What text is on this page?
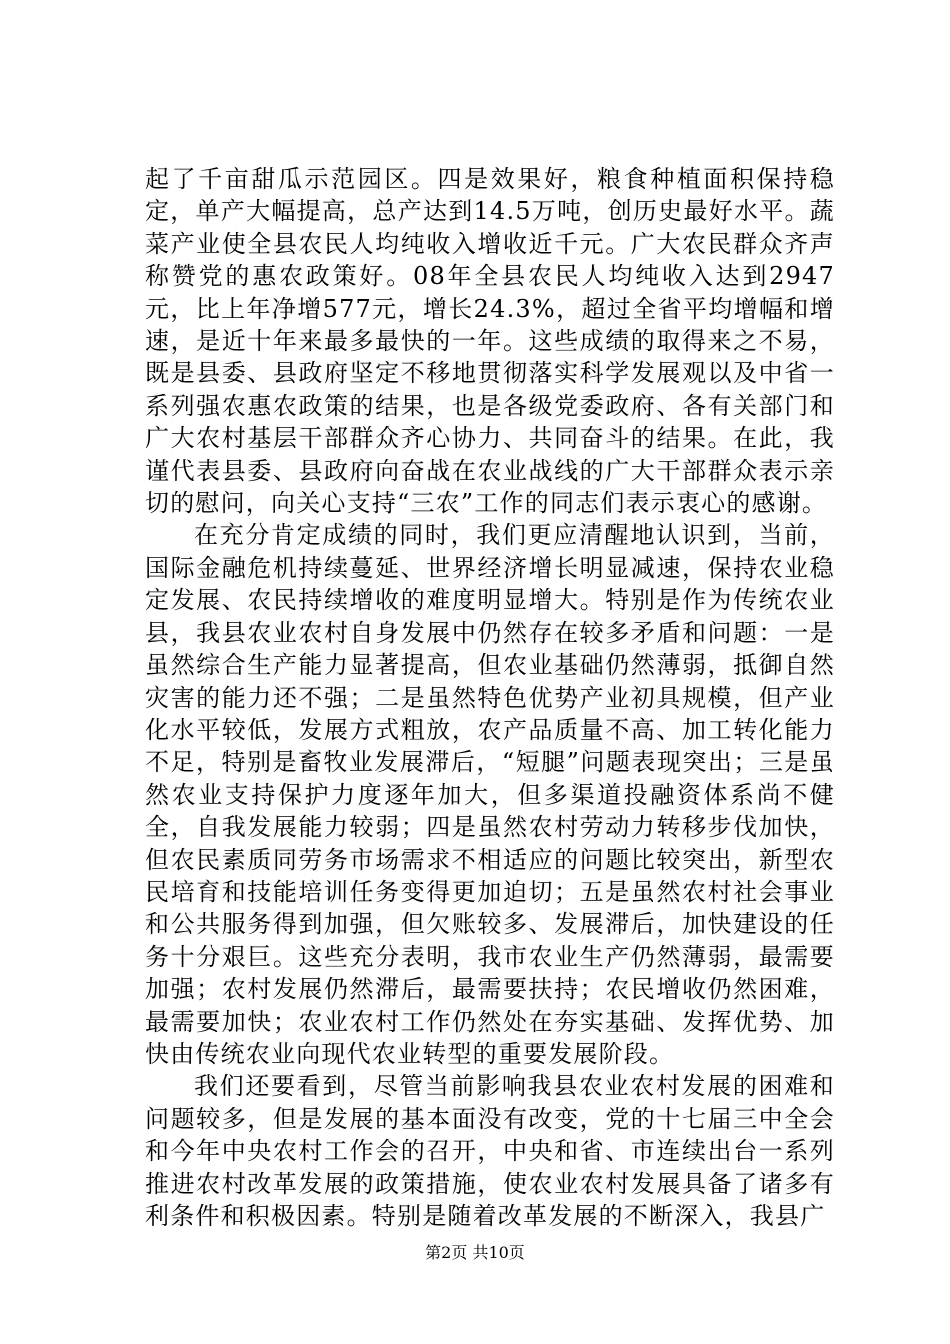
起了千亩甜瓜示范园区。四是效果好，粮食种植面积保持稳定，单产大幅提高，总产达到14.5万吨，创历史最好水平。蔬菜产业使全县农民人均纯收入增收近千元。广大农民群众齐声称赞党的惠农政策好。08年全县农民人均纯收入达到2947元，比上年净增577元，增长24.3%，超过全省平均增幅和增速，是近十年来最多最快的一年。这些成绩的取得来之不易，既是县委、县政府坚定不移地贯彻落实科学发展观以及中省一系列强农惠农政策的结果，也是各级党委政府、各有关部门和广大农村基层干部群众齐心协力、共同奋斗的结果。在此，我谨代表县委、县政府向奋战在农业战线的广大干部群众表示亲切的慰问，向关心支持“三农”工作的同志们表示衷心的感谢。

在充分肯定成绩的同时，我们更应清醒地认识到，当前，国际金融危机持续蔓延、世界经济增长明显减速，保持农业稳定发展、农民持续增收的难度明显增大。特别是作为传统农业县，我县农业农村自身发展中仍然存在较多矛盾和问题：一是虽然综合生产能力显著提高，但农业基础仍然薄弱，抵御自然灾害的能力还不强；二是虽然特色优势产业初具规模，但产业化水平较低，发展方式粗放，农产品质量不高、加工转化能力不足，特别是畜牧业发展滞后，“短腿”问题表现突出；三是虽然农业支持保护力度逐年加大，但多渠道投融资体系尚不健全，自我发展能力较弱；四是虽然农村劳动力转移步伐加快，但农民素质同劳务市场需求不相适应的问题比较突出，新型农民培育和技能培训任务变得更加迫切；五是虽然农村社会事业和公共服务得到加强，但欠账较多、发展滞后，加快建设的任务十分艰巨。这些充分表明，我市农业生产仍然薄弱，最需要加强；农村发展仍然滞后，最需要扶持；农民增收仍然困难，最需要加快；农业农村工作仍然处在夯实基础、发挥优势、加快由传统农业向现代农业转型的重要发展阶段。

我们还要看到，尽管当前影响我县农业农村发展的困难和问题较多，但是发展的基本面没有改变，党的十七届三中全会和今年中央农村工作会的召开，中央和省、市连续出台一系列推进农村改革发展的政策措施，使农业农村发展具备了诸多有利条件和积极因素。特别是随着改革发展的不断深入，我县广

第2页 共10页
